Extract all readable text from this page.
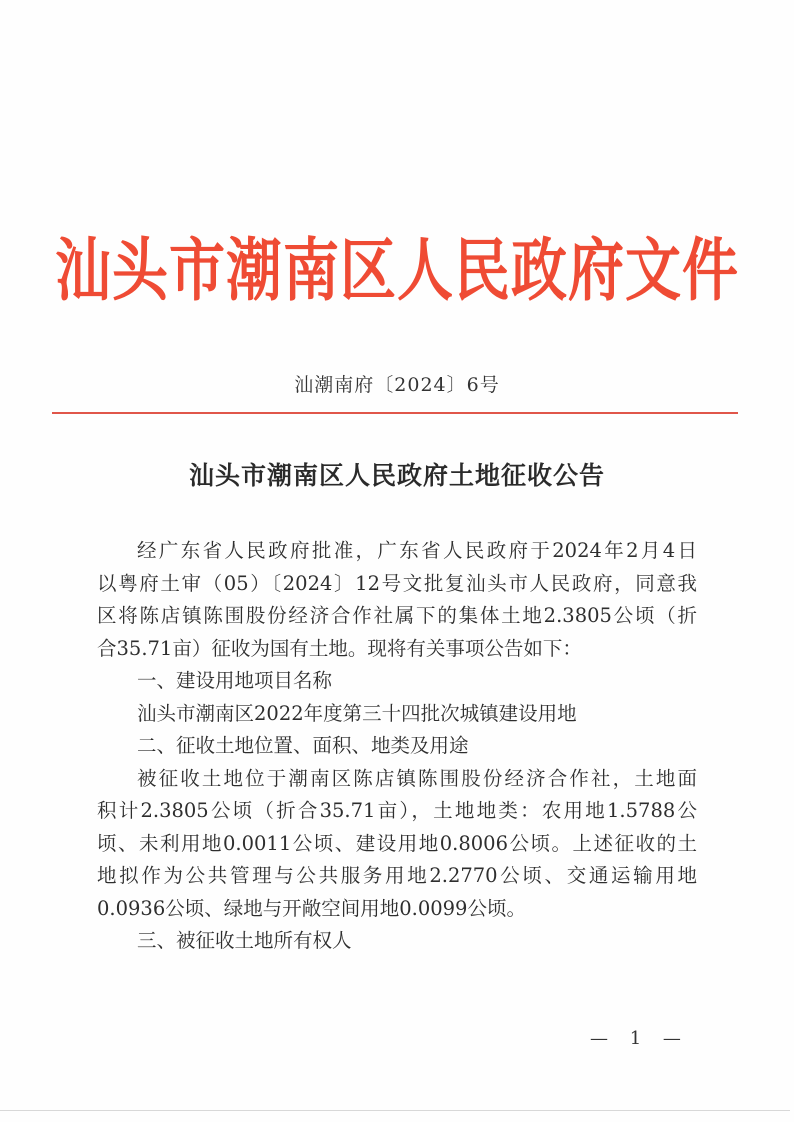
汕头市潮南区人民政府文件
汕潮南府〔2024〕6号
汕头市潮南区人民政府土地征收公告
经广东省人民政府批准，广东省人民政府于2024年2月4日
以粤府土审（05）〔2024〕12号文批复汕头市人民政府，同意我
区将陈店镇陈围股份经济合作社属下的集体土地2.3805公顷（折
合35.71亩）征收为国有土地。现将有关事项公告如下：
一、建设用地项目名称
汕头市潮南区2022年度第三十四批次城镇建设用地
二、征收土地位置、面积、地类及用途
被征收土地位于潮南区陈店镇陈围股份经济合作社，土地面
积计2.3805公顷（折合35.71亩），土地地类：农用地1.5788公
顷、未利用地0.0011公顷、建设用地0.8006公顷。上述征收的土
地拟作为公共管理与公共服务用地2.2770公顷、交通运输用地
0.0936公顷、绿地与开敞空间用地0.0099公顷。
三、被征收土地所有权人
— 1 —
